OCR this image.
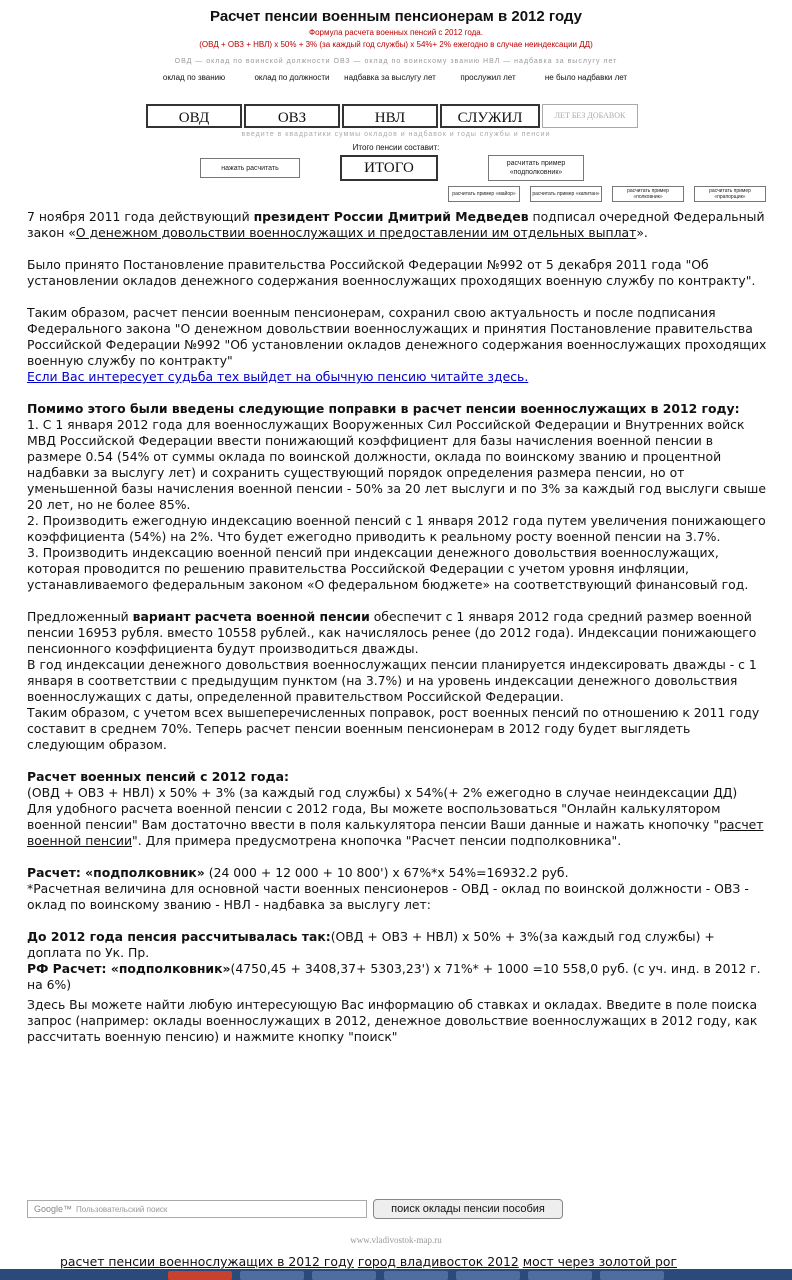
Расчет пенсии военным пенсионерам в 2012 году
Формула расчета военных пенсий с 2012 года.
(ОВД + ОВЗ + НВЛ) х 50% + 3% (за каждый год службы) х 54%+ 2% ежегодно в случае неиндексации ДД)
ОВД — оклад по воинской должности ОВЗ — оклад по воинскому званию НВЛ — надбавка за выслугу лет
оклад по званию	оклад по должности	надбавка за выслугу лет	прослужил лет	не было надбавки лет
ОВД	ОВЗ	НВЛ	СЛУЖИЛ	ЛЕТ БЕЗ ДОБАВОК
введите в квадратики суммы окладов и надбавок и годы службы и пенсии
Итого пенсии составит:
нажать расчитать	ИТОГО	расчитать пример «подполковник»
расчитать пример «майор»	расчитать пример «капитан»	расчитать пример «полковник»
расчитать пример «прапорщик»

7 ноября 2011 года действующий президент России Дмитрий Медведев подписал очередной Федеральный закон «О денежном довольствии военнослужащих и предоставлении им отдельных выплат».

Было принято Постановление правительства Российской Федерации №992 от 5 декабря 2011 года "Об установлении окладов денежного содержания военнослужащих проходящих военную службу по контракту".

Таким образом, расчет пенсии военным пенсионерам, сохранил свою актуальность и после подписания Федерального закона "О денежном довольствии военнослужащих и принятия Постановление правительства Российской Федерации №992 "Об установлении окладов денежного содержания военнослужащих проходящих военную службу по контракту"
Если Вас интересует судьба тех выйдет на обычную пенсию читайте здесь.

Помимо этого были введены следующие поправки в расчет пенсии военнослужащих в 2012 году:

1. С 1 января 2012 года для военнослужащих Вооруженных Сил Российской Федерации и Внутренних войск МВД Российской Федерации ввести понижающий коэффициент для базы начисления военной пенсии в размере 0.54 (54% от суммы оклада по воинской должности, оклада по воинскому званию и процентной надбавки за выслугу лет) и сохранить существующий порядок определения размера пенсии, но от уменьшенной базы начисления военной пенсии - 50% за 20 лет выслуги и по 3% за каждый год выслуги свыше 20 лет, но не более 85%.

2. Производить ежегодную индексацию военной пенсий с 1 января 2012 года путем увеличения понижающего коэффициента (54%) на 2%. Что будет ежегодно приводить к реальному росту военной пенсии на 3.7%.

3. Производить индексацию военной пенсий при индексации денежного довольствия военнослужащих, которая проводится по решению правительства Российской Федерации с учетом уровня инфляции, устанавливаемого федеральным законом «О федеральном бюджете» на соответствующий финансовый год.

Предложенный вариант расчета военной пенсии обеспечит с 1 января 2012 года средний размер военной пенсии 16953 рубля. вместо 10558 рублей., как начислялось ренее (до 2012 года). Индексации понижающего пенсионного коэффициента будут производиться дважды.

В год индексации денежного довольствия военнослужащих пенсии планируется индексировать дважды - с 1 января в соответствии с предыдущим пунктом (на 3.7%) и на уровень индексации денежного довольствия военнослужащих с даты, определенной правительством Российской Федерации.

Таким образом, с учетом всех вышеперечисленных поправок, рост военных пенсий по отношению к 2011 году составит в среднем 70%. Теперь расчет пенсии военным пенсионерам в 2012 году будет выглядеть следующим образом.

Расчет военных пенсий с 2012 года:

(ОВД + ОВЗ + НВЛ) х 50% + 3% (за каждый год службы) х 54%(+ 2% ежегодно в случае неиндексации ДД)

Для удобного расчета военной пенсии с 2012 года, Вы можете воспользоваться "Онлайн калькулятором военной пенсии" Вам достаточно ввести в поля калькулятора пенсии Ваши данные и нажать кнопочку "расчет военной пенсии". Для примера предусмотрена кнопочка "Расчет пенсии подполковника".

Расчет: «подполковник» (24 000 + 12 000 + 10 800') х 67%*х 54%=16932.2 руб.

*Расчетная величина для основной части военных пенсионеров - ОВД - оклад по воинской должности - ОВЗ - оклад по воинскому званию - НВЛ - надбавка за выслугу лет:

До 2012 года пенсия рассчитывалась так:(ОВД + ОВЗ + НВЛ) х 50% + 3%(за каждый год службы) + доплата по Ук. Пр.

РФ Расчет: «подполковник»(4750,45 + 3408,37+ 5303,23') х 71%* + 1000 =10 558,0 руб. (с уч. инд. в 2012 г. на 6%)

Здесь Вы можете найти любую интересующую Вас информацию об ставках и окладах. Введите в поле поиска запрос (например: оклады военнослужащих в 2012, денежное довольствие военнослужащих в 2012 году, как рассчитать военную пенсию) и нажмите кнопку "поиск"

Google™ Пользовательский поиск	поиск оклады пенсии пособия
www.vladivostok-map.ru
расчет пенсии военнослужащих в 2012 году город владивосток 2012 мост через золотой рог
